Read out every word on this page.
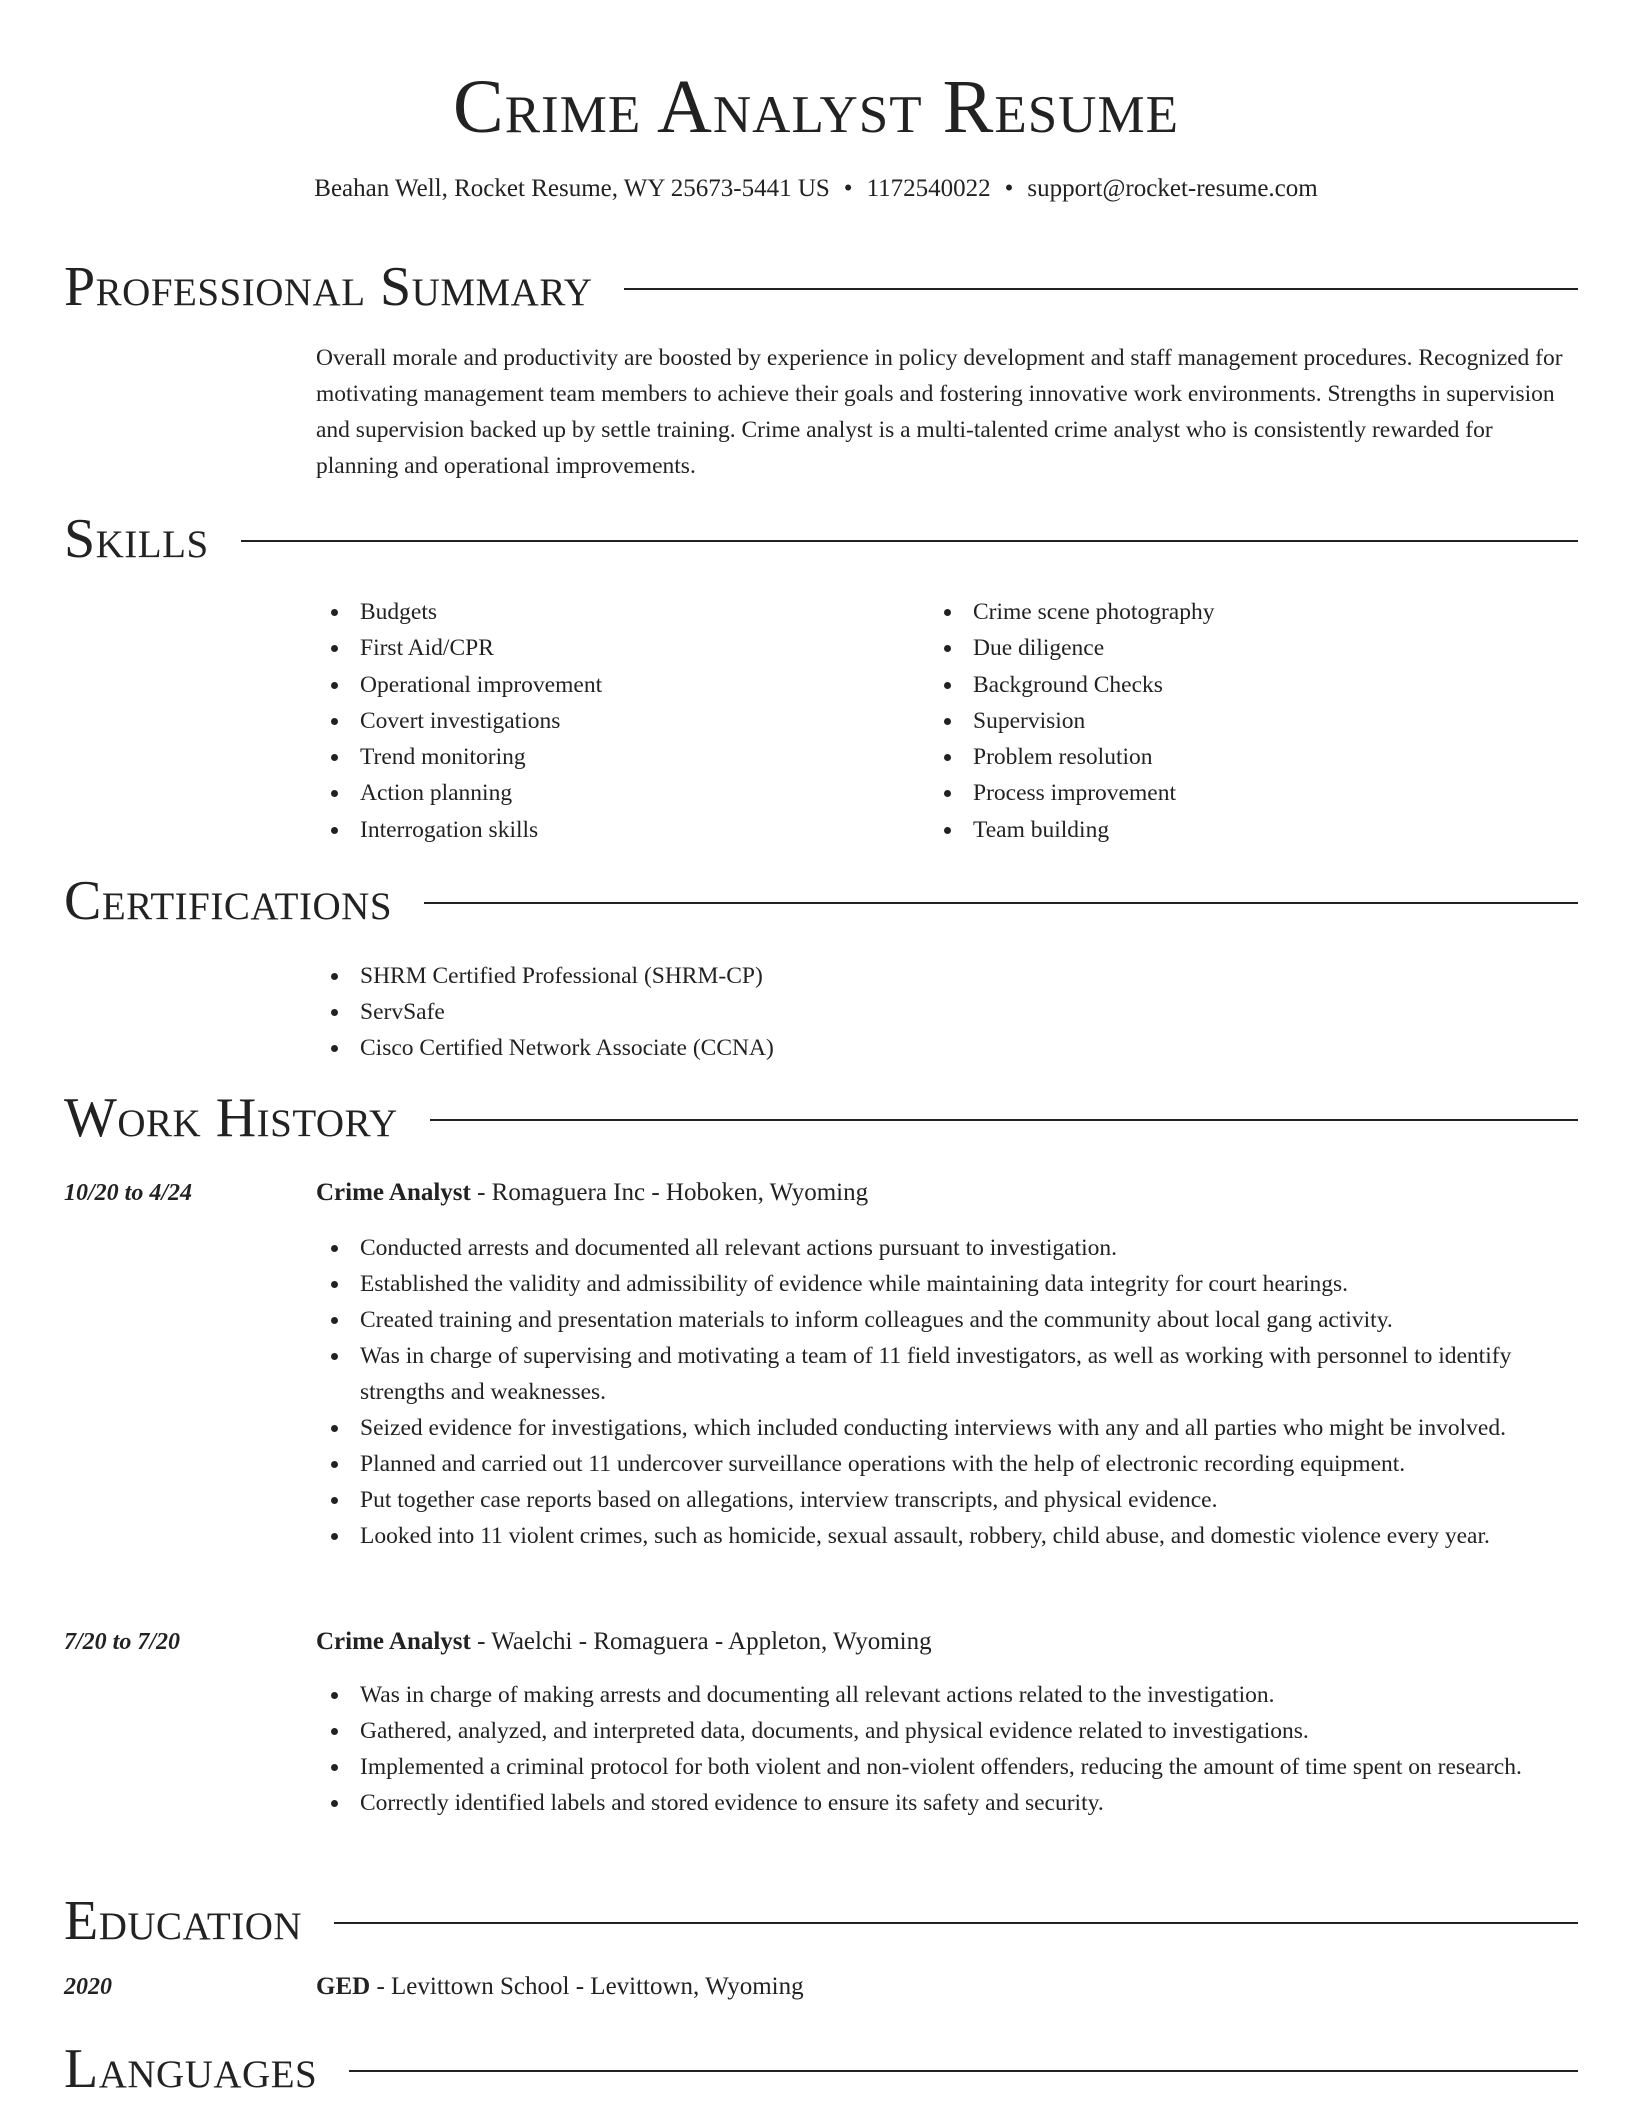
Crime Analyst Resume
Beahan Well, Rocket Resume, WY 25673-5441 US • 1172540022 • support@rocket-resume.com
Professional Summary

Overall morale and productivity are boosted by experience in policy development and staff management procedures. Recognized for motivating management team members to achieve their goals and fostering innovative work environments. Strengths in supervision and supervision backed up by settle training. Crime analyst is a multi-talented crime analyst who is consistently rewarded for planning and operational improvements.

Skills
Budgets
First Aid/CPR
Operational improvement
Covert investigations
Trend monitoring
Action planning
Interrogation skills
Crime scene photography
Due diligence
Background Checks
Supervision
Problem resolution
Process improvement
Team building
Certifications
SHRM Certified Professional (SHRM-CP)
ServSafe
Cisco Certified Network Associate (CCNA)
Work History
10/20 to 4/24	Crime Analyst - Romaguera Inc - Hoboken, Wyoming
Conducted arrests and documented all relevant actions pursuant to investigation.
Established the validity and admissibility of evidence while maintaining data integrity for court hearings.
Created training and presentation materials to inform colleagues and the community about local gang activity.
Was in charge of supervising and motivating a team of 11 field investigators, as well as working with personnel to identify strengths and weaknesses.
Seized evidence for investigations, which included conducting interviews with any and all parties who might be involved.
Planned and carried out 11 undercover surveillance operations with the help of electronic recording equipment.
Put together case reports based on allegations, interview transcripts, and physical evidence.
Looked into 11 violent crimes, such as homicide, sexual assault, robbery, child abuse, and domestic violence every year.
7/20 to 7/20	Crime Analyst - Waelchi - Romaguera - Appleton, Wyoming
Was in charge of making arrests and documenting all relevant actions related to the investigation.
Gathered, analyzed, and interpreted data, documents, and physical evidence related to investigations.
Implemented a criminal protocol for both violent and non-violent offenders, reducing the amount of time spent on research.
Correctly identified labels and stored evidence to ensure its safety and security.
Education
2020	GED - Levittown School - Levittown, Wyoming
Languages
